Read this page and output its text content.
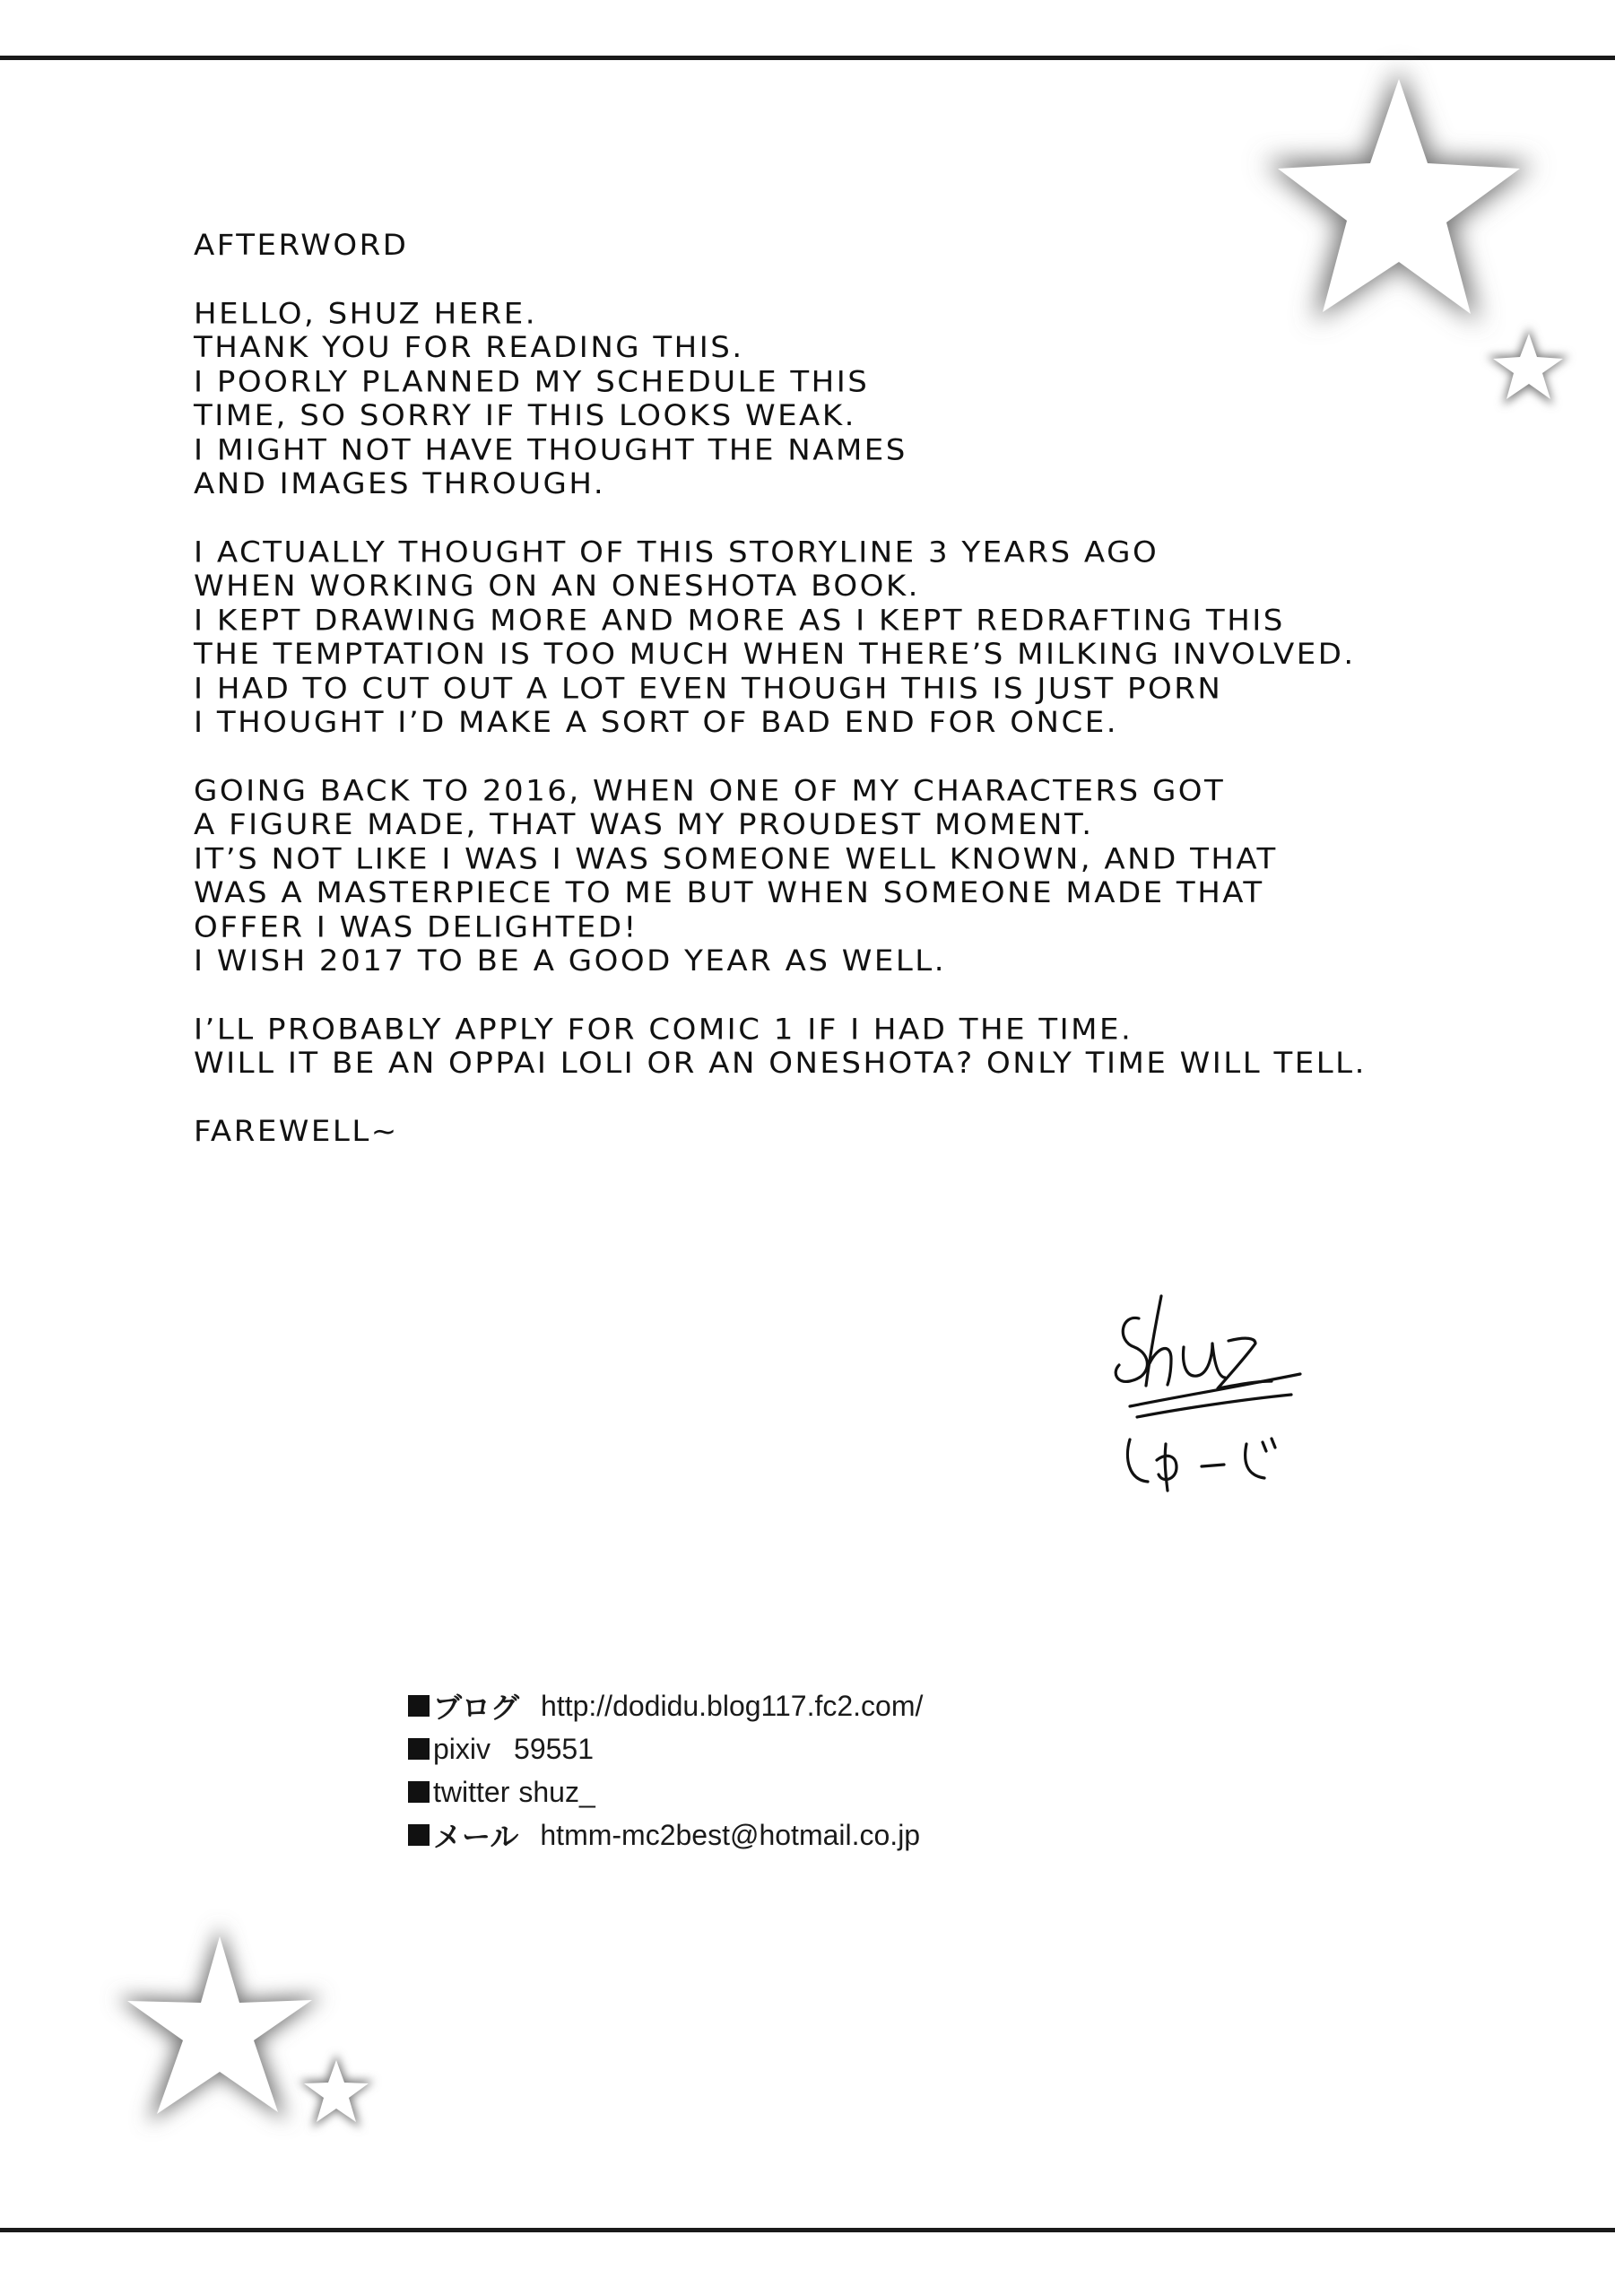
AFTERWORD
HELLO, SHUZ HERE.
THANK YOU FOR READING THIS.
I POORLY PLANNED MY SCHEDULE THIS
TIME, SO SORRY IF THIS LOOKS WEAK.
I MIGHT NOT HAVE THOUGHT THE NAMES
AND IMAGES THROUGH.
I ACTUALLY THOUGHT OF THIS STORYLINE 3 YEARS AGO
WHEN WORKING ON AN ONESHOTA BOOK.
I KEPT DRAWING MORE AND MORE AS I KEPT REDRAFTING THIS
THE TEMPTATION IS TOO MUCH WHEN THERE’S MILKING INVOLVED.
I HAD TO CUT OUT A LOT EVEN THOUGH THIS IS JUST PORN
I THOUGHT I’D MAKE A SORT OF BAD END FOR ONCE.
GOING BACK TO 2016, WHEN ONE OF MY CHARACTERS GOT
A FIGURE MADE, THAT WAS MY PROUDEST MOMENT.
IT’S NOT LIKE I WAS I WAS SOMEONE WELL KNOWN, AND THAT
WAS A MASTERPIECE TO ME BUT WHEN SOMEONE MADE THAT
OFFER I WAS DELIGHTED!
I WISH 2017 TO BE A GOOD YEAR AS WELL.
I’LL PROBABLY APPLY FOR COMIC 1 IF I HAD THE TIME.
WILL IT BE AN OPPAI LOLI OR AN ONESHOTA? ONLY TIME WILL TELL.
FAREWELL~
ブログ http://dodidu.blog117.fc2.com/
pixiv 59551
twitter shuz_
メール htmm-mc2best@hotmail.co.jp
